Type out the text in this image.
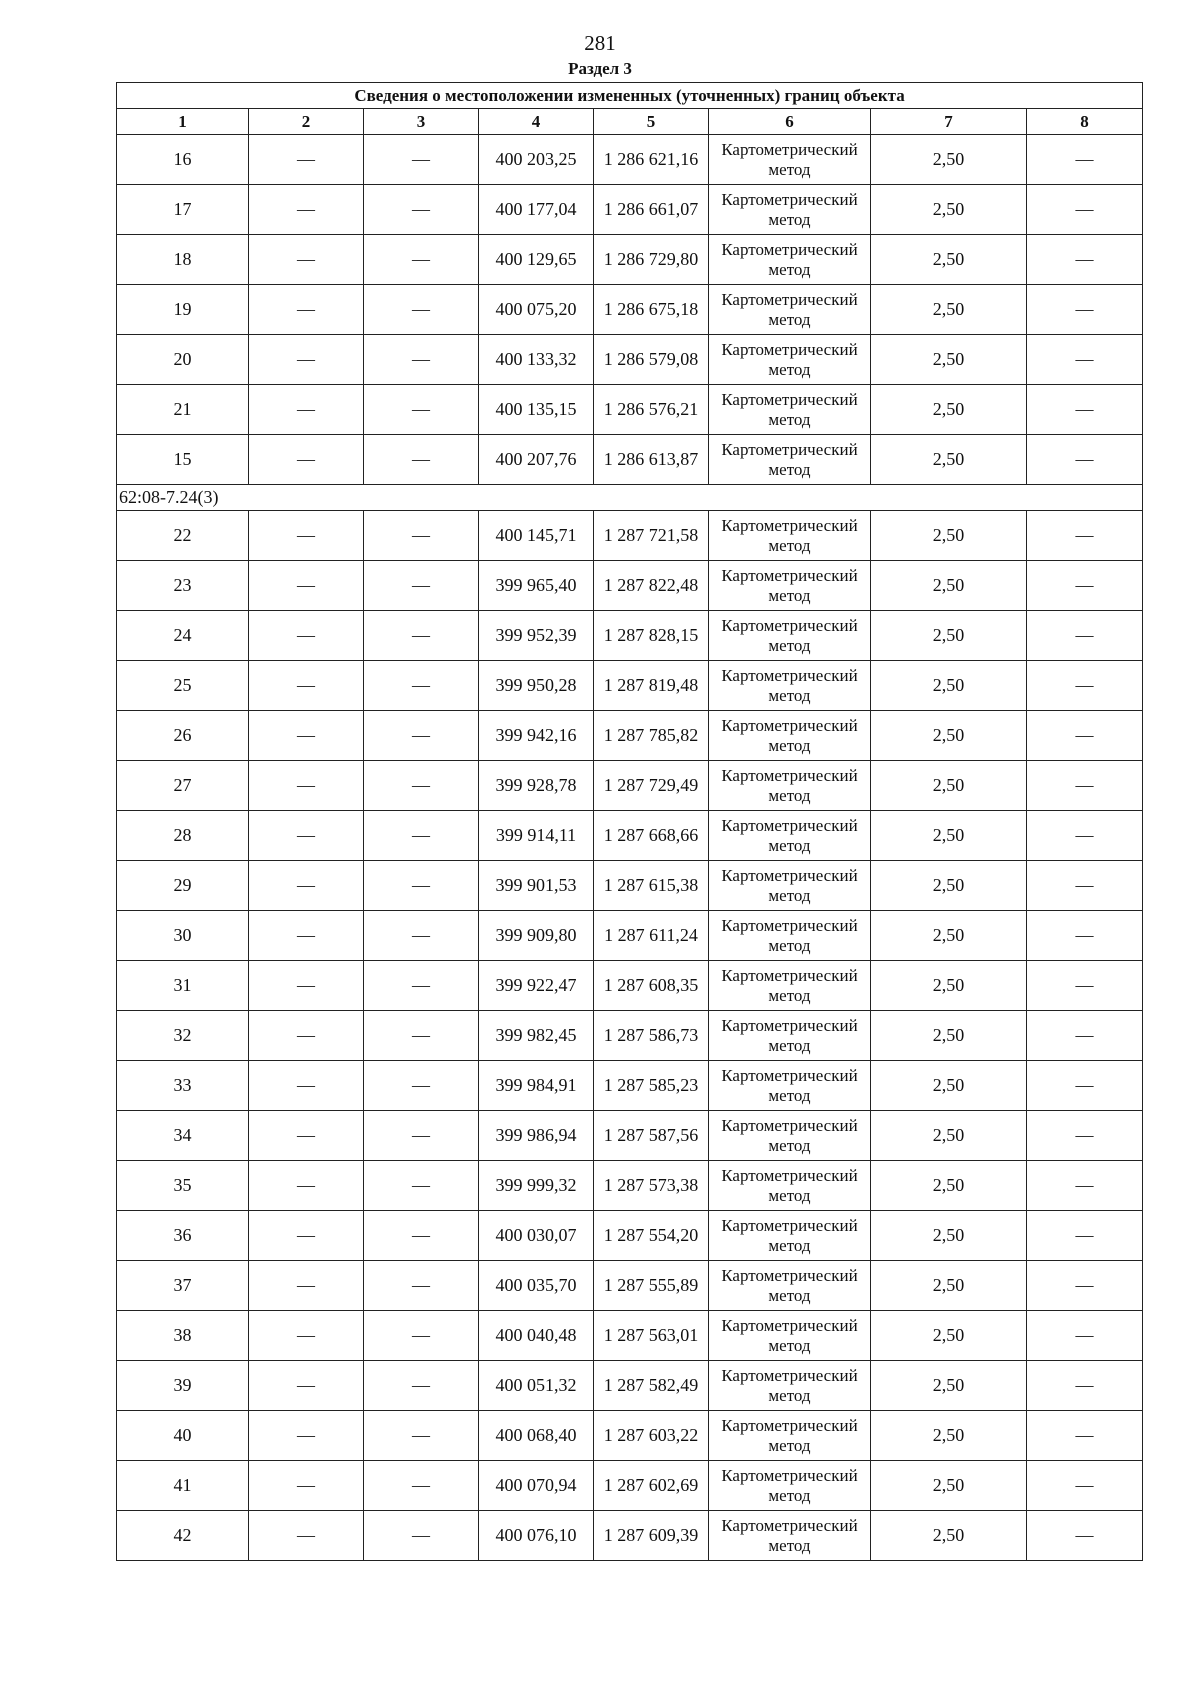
281
Раздел 3
Сведения о местоположении измененных (уточненных) границ объекта							
1	2	3	4	5	6	7	8
16	—	—	400 203,25	1 286 621,16	Картометрический метод	2,50	—
17	—	—	400 177,04	1 286 661,07	Картометрический метод	2,50	—
18	—	—	400 129,65	1 286 729,80	Картометрический метод	2,50	—
19	—	—	400 075,20	1 286 675,18	Картометрический метод	2,50	—
20	—	—	400 133,32	1 286 579,08	Картометрический метод	2,50	—
21	—	—	400 135,15	1 286 576,21	Картометрический метод	2,50	—
15	—	—	400 207,76	1 286 613,87	Картометрический метод	2,50	—
62:08-7.24(3)							
22	—	—	400 145,71	1 287 721,58	Картометрический метод	2,50	—
23	—	—	399 965,40	1 287 822,48	Картометрический метод	2,50	—
24	—	—	399 952,39	1 287 828,15	Картометрический метод	2,50	—
25	—	—	399 950,28	1 287 819,48	Картометрический метод	2,50	—
26	—	—	399 942,16	1 287 785,82	Картометрический метод	2,50	—
27	—	—	399 928,78	1 287 729,49	Картометрический метод	2,50	—
28	—	—	399 914,11	1 287 668,66	Картометрический метод	2,50	—
29	—	—	399 901,53	1 287 615,38	Картометрический метод	2,50	—
30	—	—	399 909,80	1 287 611,24	Картометрический метод	2,50	—
31	—	—	399 922,47	1 287 608,35	Картометрический метод	2,50	—
32	—	—	399 982,45	1 287 586,73	Картометрический метод	2,50	—
33	—	—	399 984,91	1 287 585,23	Картометрический метод	2,50	—
34	—	—	399 986,94	1 287 587,56	Картометрический метод	2,50	—
35	—	—	399 999,32	1 287 573,38	Картометрический метод	2,50	—
36	—	—	400 030,07	1 287 554,20	Картометрический метод	2,50	—
37	—	—	400 035,70	1 287 555,89	Картометрический метод	2,50	—
38	—	—	400 040,48	1 287 563,01	Картометрический метод	2,50	—
39	—	—	400 051,32	1 287 582,49	Картометрический метод	2,50	—
40	—	—	400 068,40	1 287 603,22	Картометрический метод	2,50	—
41	—	—	400 070,94	1 287 602,69	Картометрический метод	2,50	—
42	—	—	400 076,10	1 287 609,39	Картометрический метод	2,50	—
